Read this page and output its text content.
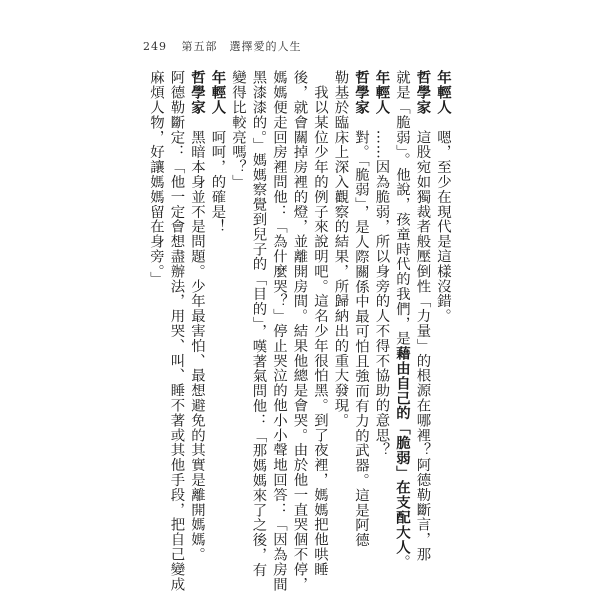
249 第五部　選擇愛的人生
年輕人　嗯，至少在現代是這樣沒錯。
哲學家　這股宛如獨裁者般壓倒性「力量」的根源在哪裡？阿德勒斷言，那
就是「脆弱」。他說，孩童時代的我們，是藉由自己的「脆弱」在支配大人。
年輕人　……因為脆弱，所以身旁的人不得不協助的意思？
哲學家　對。「脆弱」，是人際關係中最可怕且強而有力的武器。這是阿德
勒基於臨床上深入觀察的結果，所歸納出的重大發現。
　我以某位少年的例子來說明吧。這名少年很怕黑。到了夜裡，媽媽把他哄睡
後，就會關掉房裡的燈，並離開房間。結果他總是會哭。由於他一直哭個不停，
媽媽便走回房裡問他：「為什麼哭？」停止哭泣的他小小聲地回答：「因為房間
黑漆漆的。」媽媽察覺到兒子的「目的」，嘆著氣問他：「那媽媽來了之後，有
變得比較亮嗎？」
年輕人　呵呵，的確是！
哲學家　黑暗本身並不是問題。少年最害怕、最想避免的其實是離開媽媽。
阿德勒斷定：「他一定會想盡辦法，用哭、叫、睡不著或其他手段，把自己變成
麻煩人物，好讓媽媽留在身旁。」
